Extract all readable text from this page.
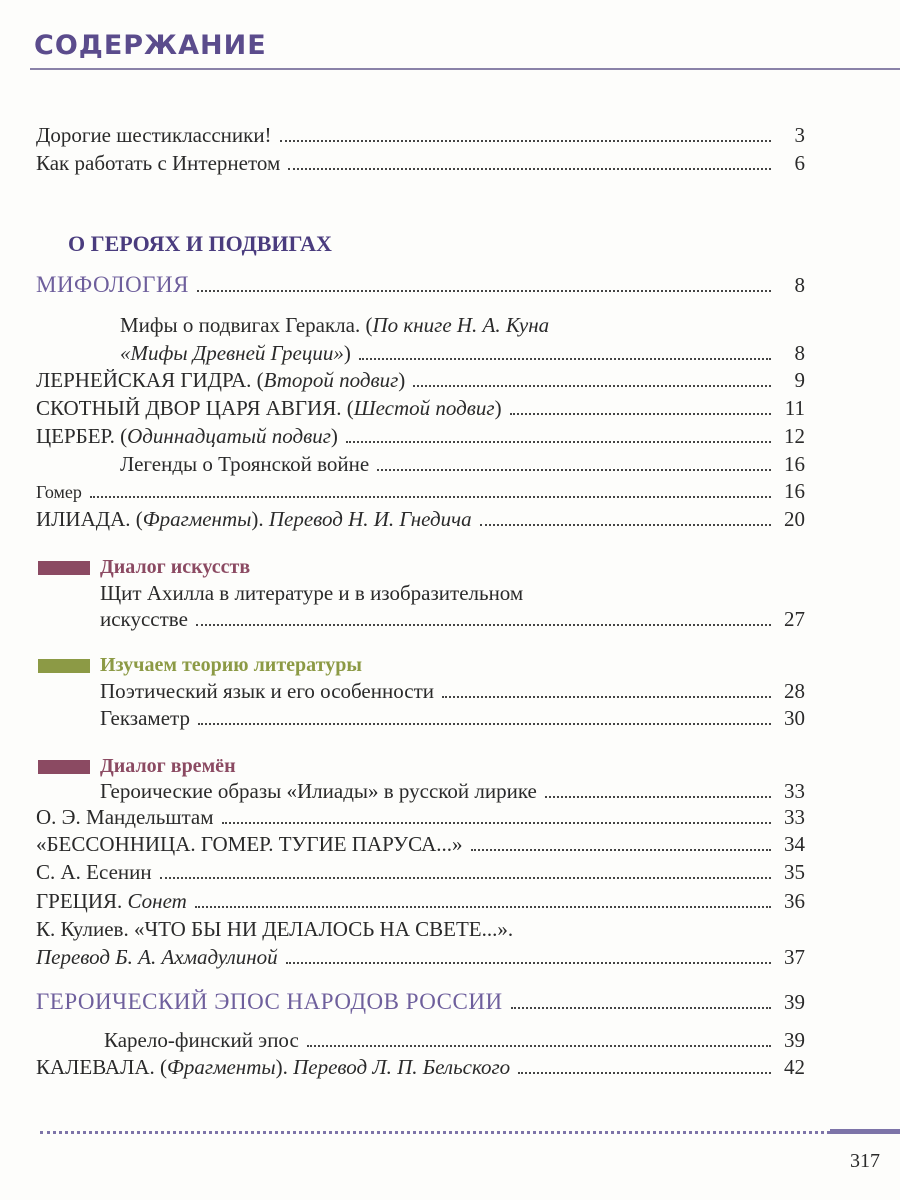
СОДЕРЖАНИЕ
О ГЕРОЯХ И ПОДВИГАХ
Диалог искусств
Изучаем теорию литературы
Диалог времён
Дорогие шестиклассники!	3
Как работать с Интернетом	6
МИФОЛОГИЯ	8
Мифы о подвигах Геракла. (По книге Н. А. Куна
«Мифы Древней Греции»)	8
ЛЕРНЕЙСКАЯ ГИДРА. (Второй подвиг)	9
СКОТНЫЙ ДВОР ЦАРЯ АВГИЯ. (Шестой подвиг)	11
ЦЕРБЕР. (Одиннадцатый подвиг)	12
Легенды о Троянской войне	16
Гомер	16
ИЛИАДА. (Фрагменты). Перевод Н. И. Гнедича	20
Щит Ахилла в литературе и в изобразительном
искусстве	27
Поэтический язык и его особенности	28
Гекзаметр	30
Героические образы «Илиады» в русской лирике	33
О. Э. Мандельштам	33
«БЕССОННИЦА. ГОМЕР. ТУГИЕ ПАРУСА...»	34
С. А. Есенин	35
ГРЕЦИЯ. Сонет	36
К. Кулиев. «ЧТО БЫ НИ ДЕЛАЛОСЬ НА СВЕТЕ...».
Перевод Б. А. Ахмадулиной	37
ГЕРОИЧЕСКИЙ ЭПОС НАРОДОВ РОССИИ	39
Карело-финский эпос	39
КАЛЕВАЛА. (Фрагменты). Перевод Л. П. Бельского	42
317
